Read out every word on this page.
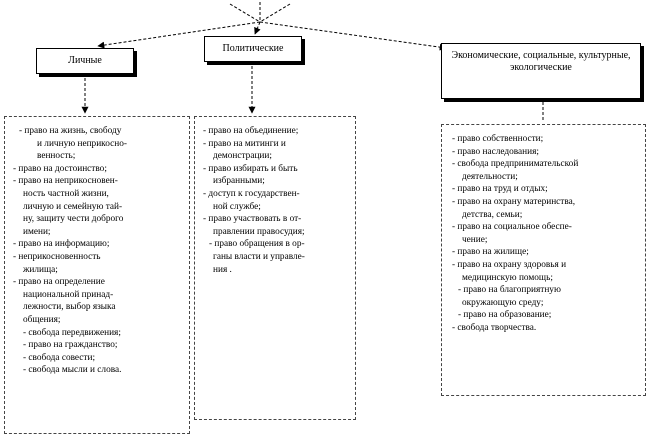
Личные
Политические
Экономические, социальные, культурные, экологические
- право на жизнь, свободу
и личную неприкосно-
венность;
- право на достоинство;
- право на неприкосновен-
ность частной жизни,
личную и семейную тай-
ну, защиту чести доброго
имени;
- право на информацию;
- неприкосновенность
жилища;
- право на определение
национальной принад-
лежности, выбор языка
общения;
- свобода передвижения;
- право на гражданство;
- свобода совести;
- свобода мысли и слова.
- право на объединение;
- право на митинги и
демонстрации;
- право избирать и быть
избранными;
- доступ к государствен-
ной службе;
- право участвовать в от-
правлении правосудия;
- право обращения в ор-
ганы власти и управле-
ния .
- право собственности;
- право наследования;
- свобода предпринимательской
деятельности;
- право на труд и отдых;
- право на охрану материнства,
детства, семьи;
- право на социальное обеспе-
чение;
- право на жилище;
- право на охрану здоровья и
медицинскую помощь;
- право на благоприятную
окружающую среду;
- право на образование;
- свобода творчества.
